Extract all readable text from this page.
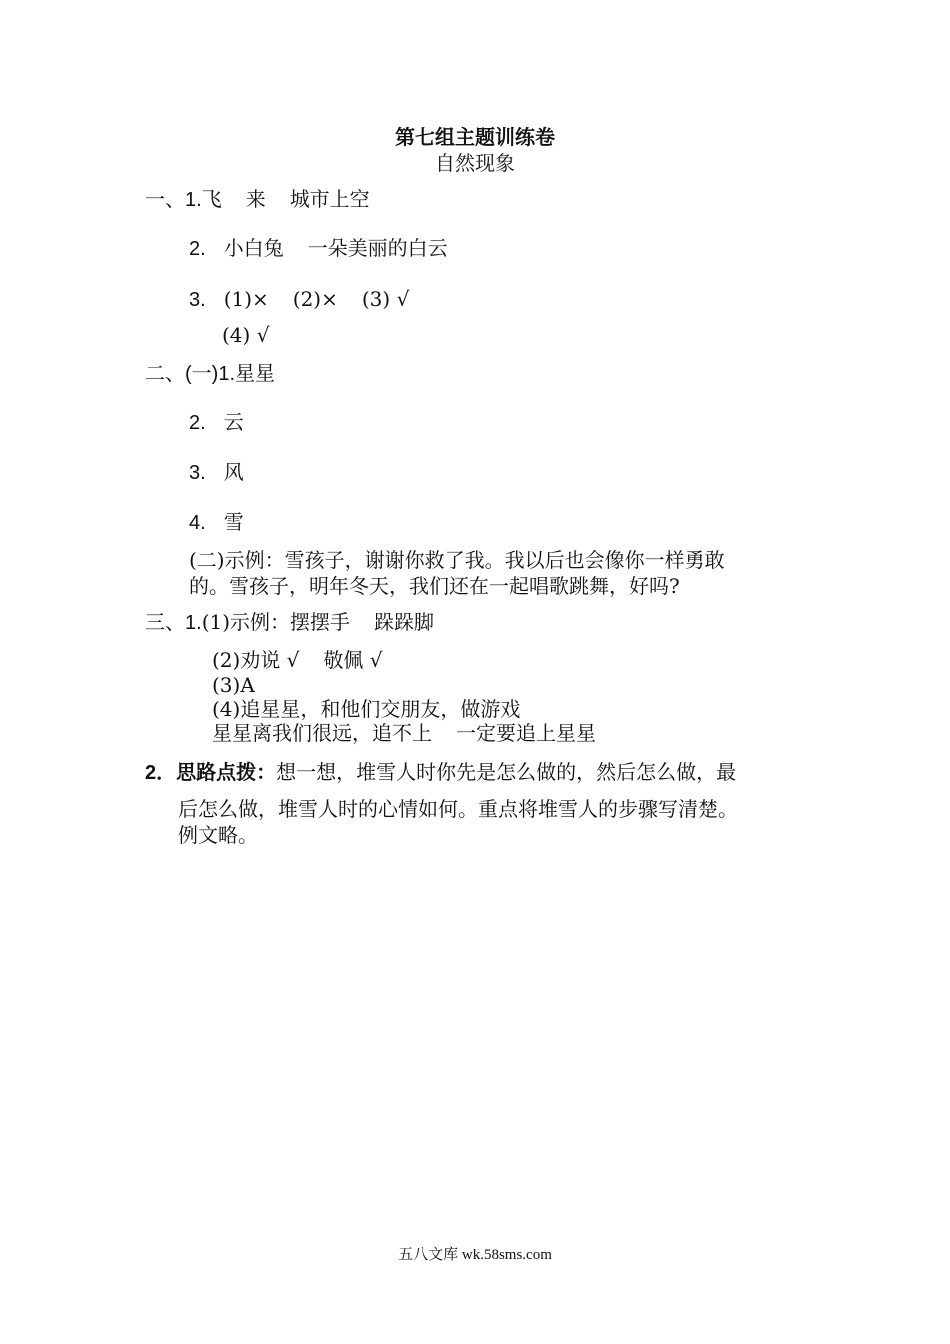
第七组主题训练卷
自然现象
一、1.飞 来 城市上空
2. 小白兔 一朵美丽的白云
3. (1)× (2)× (3) √
(4) √
二、(一)1.星星
2. 云
3. 风
4. 雪
(二)示例：雪孩子，谢谢你救了我。我以后也会像你一样勇敢
的。雪孩子，明年冬天，我们还在一起唱歌跳舞，好吗?
三、1.(1)示例：摆摆手 跺跺脚
(2)劝说 √ 敬佩 √
(3)A
(4)追星星，和他们交朋友，做游戏
星星离我们很远，追不上 一定要追上星星
2．思路点拨：想一想，堆雪人时你先是怎么做的，然后怎么做，最
后怎么做，堆雪人时的心情如何。重点将堆雪人的步骤写清楚。
例文略。
五八文库 wk.58sms.com
